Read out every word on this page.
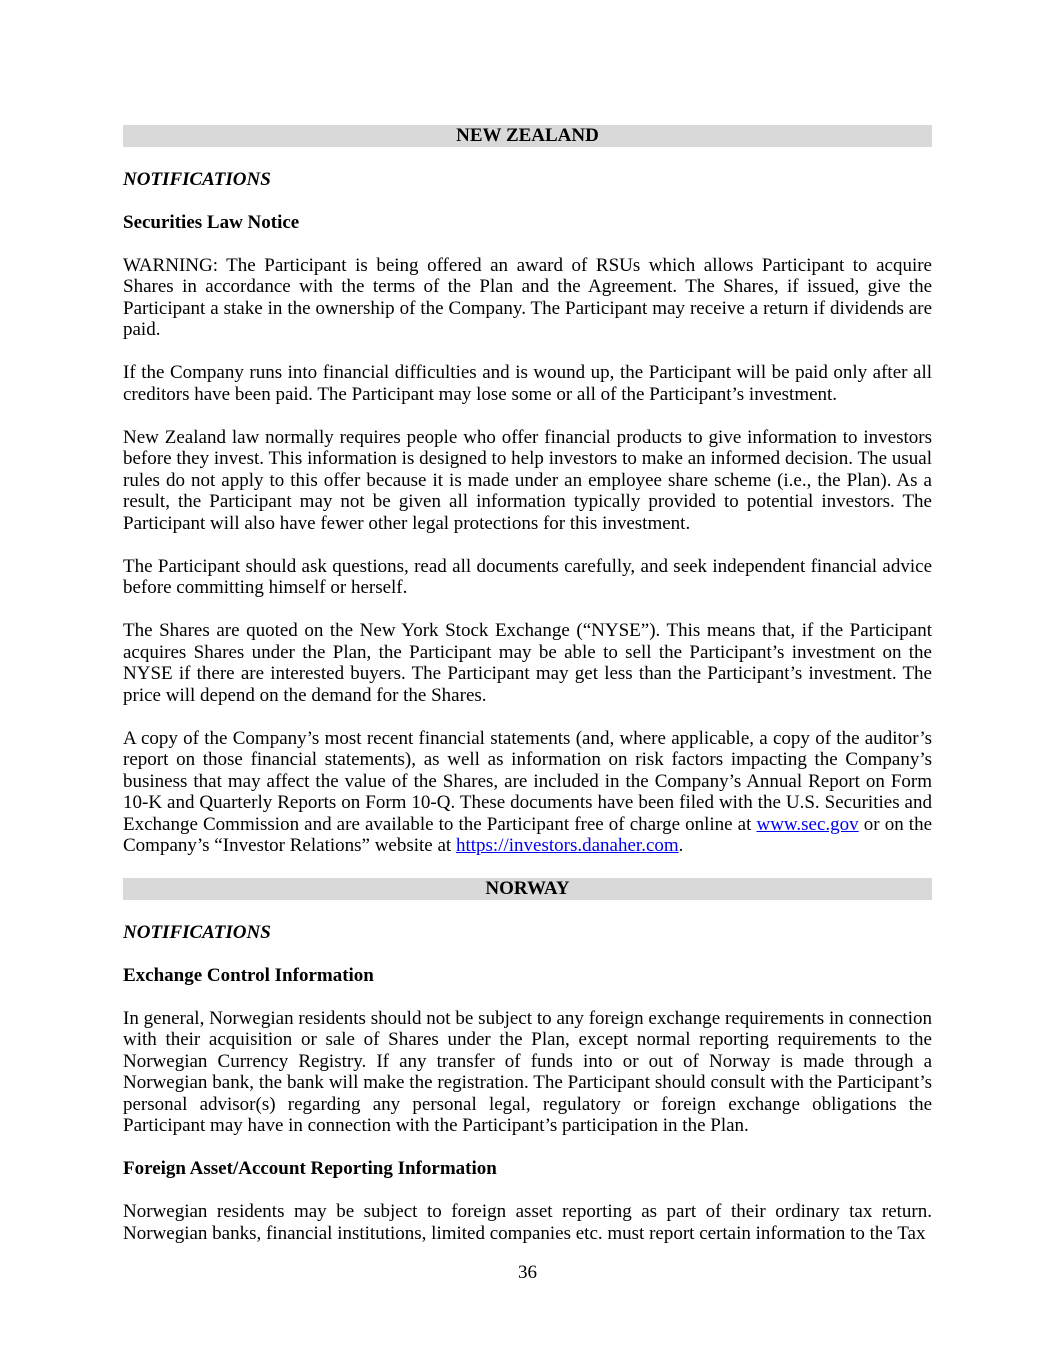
NEW ZEALAND
NOTIFICATIONS
Securities Law Notice

WARNING: The Participant is being offered an award of RSUs which allows Participant to acquire Shares in accordance with the terms of the Plan and the Agreement. The Shares, if issued, give the Participant a stake in the ownership of the Company. The Participant may receive a return if dividends are paid.

If the Company runs into financial difficulties and is wound up, the Participant will be paid only after all creditors have been paid. The Participant may lose some or all of the Participant’s investment.

New Zealand law normally requires people who offer financial products to give information to investors before they invest. This information is designed to help investors to make an informed decision. The usual rules do not apply to this offer because it is made under an employee share scheme (i.e., the Plan). As a result, the Participant may not be given all information typically provided to potential investors. The Participant will also have fewer other legal protections for this investment.

The Participant should ask questions, read all documents carefully, and seek independent financial advice before committing himself or herself.

The Shares are quoted on the New York Stock Exchange (“NYSE”). This means that, if the Participant acquires Shares under the Plan, the Participant may be able to sell the Participant’s investment on the NYSE if there are interested buyers. The Participant may get less than the Participant’s investment. The price will depend on the demand for the Shares.

A copy of the Company’s most recent financial statements (and, where applicable, a copy of the auditor’s report on those financial statements), as well as information on risk factors impacting the Company’s business that may affect the value of the Shares, are included in the Company’s Annual Report on Form 10-K and Quarterly Reports on Form 10-Q. These documents have been filed with the U.S. Securities and Exchange Commission and are available to the Participant free of charge online at www.sec.gov or on the Company’s “Investor Relations” website at https://investors.danaher.com.

NORWAY
NOTIFICATIONS
Exchange Control Information

In general, Norwegian residents should not be subject to any foreign exchange requirements in connection with their acquisition or sale of Shares under the Plan, except normal reporting requirements to the Norwegian Currency Registry. If any transfer of funds into or out of Norway is made through a Norwegian bank, the bank will make the registration. The Participant should consult with the Participant’s personal advisor(s) regarding any personal legal, regulatory or foreign exchange obligations the Participant may have in connection with the Participant’s participation in the Plan.

Foreign Asset/Account Reporting Information

Norwegian residents may be subject to foreign asset reporting as part of their ordinary tax return. Norwegian banks, financial institutions, limited companies etc. must report certain information to the Tax

36
